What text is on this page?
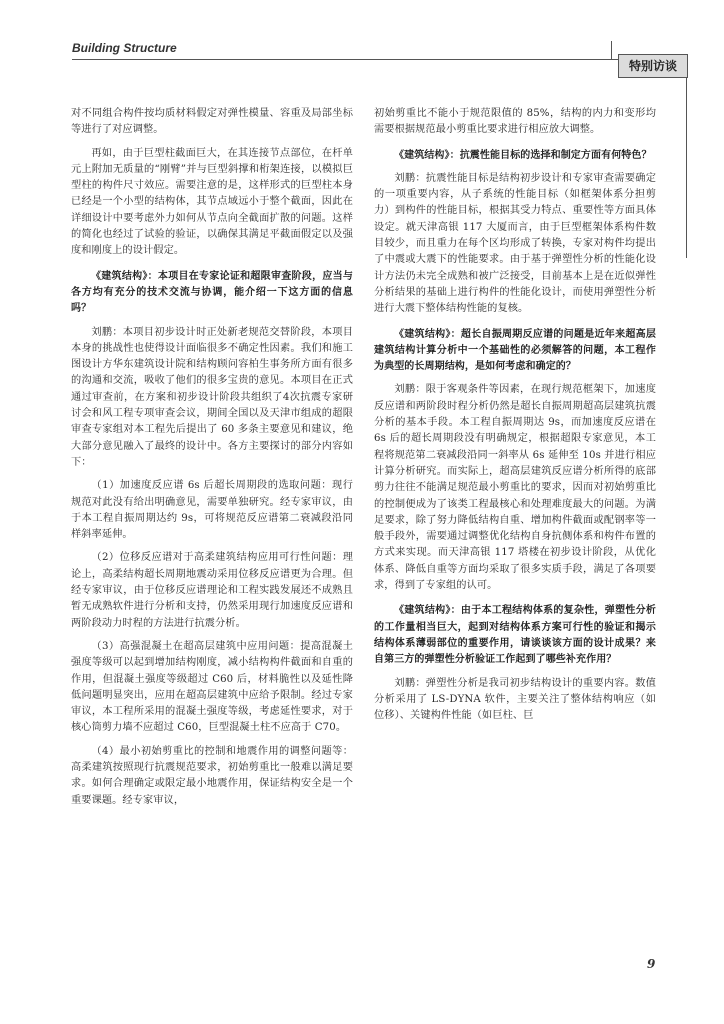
Building Structure
特别访谈

对不同组合构件按均质材料假定对弹性模量、容重及局部坐标等进行了对应调整。

再如，由于巨型柱截面巨大，在其连接节点部位，在杆单元上附加无质量的“刚臂”并与巨型斜撑和桁架连接，以模拟巨型柱的构件尺寸效应。需要注意的是，这样形式的巨型柱本身已经是一个小型的结构体，其节点域远小于整个截面，因此在详细设计中要考虑外力如何从节点向全截面扩散的问题。这样的简化也经过了试验的验证，以确保其满足平截面假定以及强度和刚度上的设计假定。

《建筑结构》：本项目在专家论证和超限审查阶段，应当与各方均有充分的技术交流与协调，能介绍一下这方面的信息吗？

刘鹏：本项目初步设计时正处新老规范交替阶段，本项目本身的挑战性也使得设计面临很多不确定性因素。我们和施工图设计方华东建筑设计院和结构顾问容柏生事务所方面有很多的沟通和交流，吸收了他们的很多宝贵的意见。本项目在正式通过审查前，在方案和初步设计阶段共组织了4次抗震专家研讨会和风工程专项审查会议，期间全国以及天津市组成的超限审查专家组对本工程先后提出了 60 多条主要意见和建议，绝大部分意见融入了最终的设计中。各方主要探讨的部分内容如下：

（1）加速度反应谱 6s 后超长周期段的选取问题：现行规范对此没有给出明确意见，需要单独研究。经专家审议，由于本工程自振周期达约 9s，可将规范反应谱第二衰减段沿同样斜率延伸。

（2）位移反应谱对于高柔建筑结构应用可行性问题：理论上，高柔结构超长周期地震动采用位移反应谱更为合理。但经专家审议，由于位移反应谱理论和工程实践发展还不成熟且暂无成熟软件进行分析和支持，仍然采用现行加速度反应谱和两阶段动力时程的方法进行抗震分析。

（3）高强混凝土在超高层建筑中应用问题：提高混凝土强度等级可以起到增加结构刚度，减小结构构件截面和自重的作用，但混凝土强度等级超过 C60 后，材料脆性以及延性降低问题明显突出，应用在超高层建筑中应给予限制。经过专家审议，本工程所采用的混凝土强度等级，考虑延性要求，对于核心筒剪力墙不应超过 C60，巨型混凝土柱不应高于 C70。

（4）最小初始剪重比的控制和地震作用的调整问题等：高柔建筑按照现行抗震规范要求，初始剪重比一般难以满足要求。如何合理确定或限定最小地震作用，保证结构安全是一个重要课题。经专家审议，

初始剪重比不能小于规范限值的 85%，结构的内力和变形均需要根据规范最小剪重比要求进行相应放大调整。

《建筑结构》：抗震性能目标的选择和制定方面有何特色？

刘鹏：抗震性能目标是结构初步设计和专家审查需要确定的一项重要内容，从子系统的性能目标（如框架体系分担剪力）到构件的性能目标，根据其受力特点、重要性等方面具体设定。就天津高银 117 大厦而言，由于巨型框架体系构件数目较少，而且重力在每个区均形成了转换，专家对构件均提出了中震或大震下的性能要求。由于基于弹塑性分析的性能化设计方法仍未完全成熟和被广泛接受，目前基本上是在近似弹性分析结果的基础上进行构件的性能化设计，而使用弹塑性分析进行大震下整体结构性能的复核。

《建筑结构》：超长自振周期反应谱的问题是近年来超高层建筑结构计算分析中一个基础性的必须解答的问题，本工程作为典型的长周期结构，是如何考虑和确定的？

刘鹏：限于客观条件等因素，在现行规范框架下，加速度反应谱和两阶段时程分析仍然是超长自振周期超高层建筑抗震分析的基本手段。本工程自振周期达 9s，而加速度反应谱在 6s 后的超长周期段没有明确规定，根据超限专家意见，本工程将规范第二衰减段沿同一斜率从 6s 延伸至 10s 并进行相应计算分析研究。而实际上，超高层建筑反应谱分析所得的底部剪力往往不能满足规范最小剪重比的要求，因而对初始剪重比的控制便成为了该类工程最核心和处理难度最大的问题。为满足要求，除了努力降低结构自重、增加构件截面或配钢率等一般手段外，需要通过调整优化结构自身抗侧体系和构件布置的方式来实现。而天津高银 117 塔楼在初步设计阶段，从优化体系、降低自重等方面均采取了很多实质手段，满足了各项要求，得到了专家组的认可。

《建筑结构》：由于本工程结构体系的复杂性，弹塑性分析的工作量相当巨大，起到对结构体系方案可行性的验证和揭示结构体系薄弱部位的重要作用，请谈谈该方面的设计成果？来自第三方的弹塑性分析验证工作起到了哪些补充作用？

刘鹏：弹塑性分析是我司初步结构设计的重要内容。数值分析采用了 LS-DYNA 软件，主要关注了整体结构响应（如位移）、关键构件性能（如巨柱、巨

9
